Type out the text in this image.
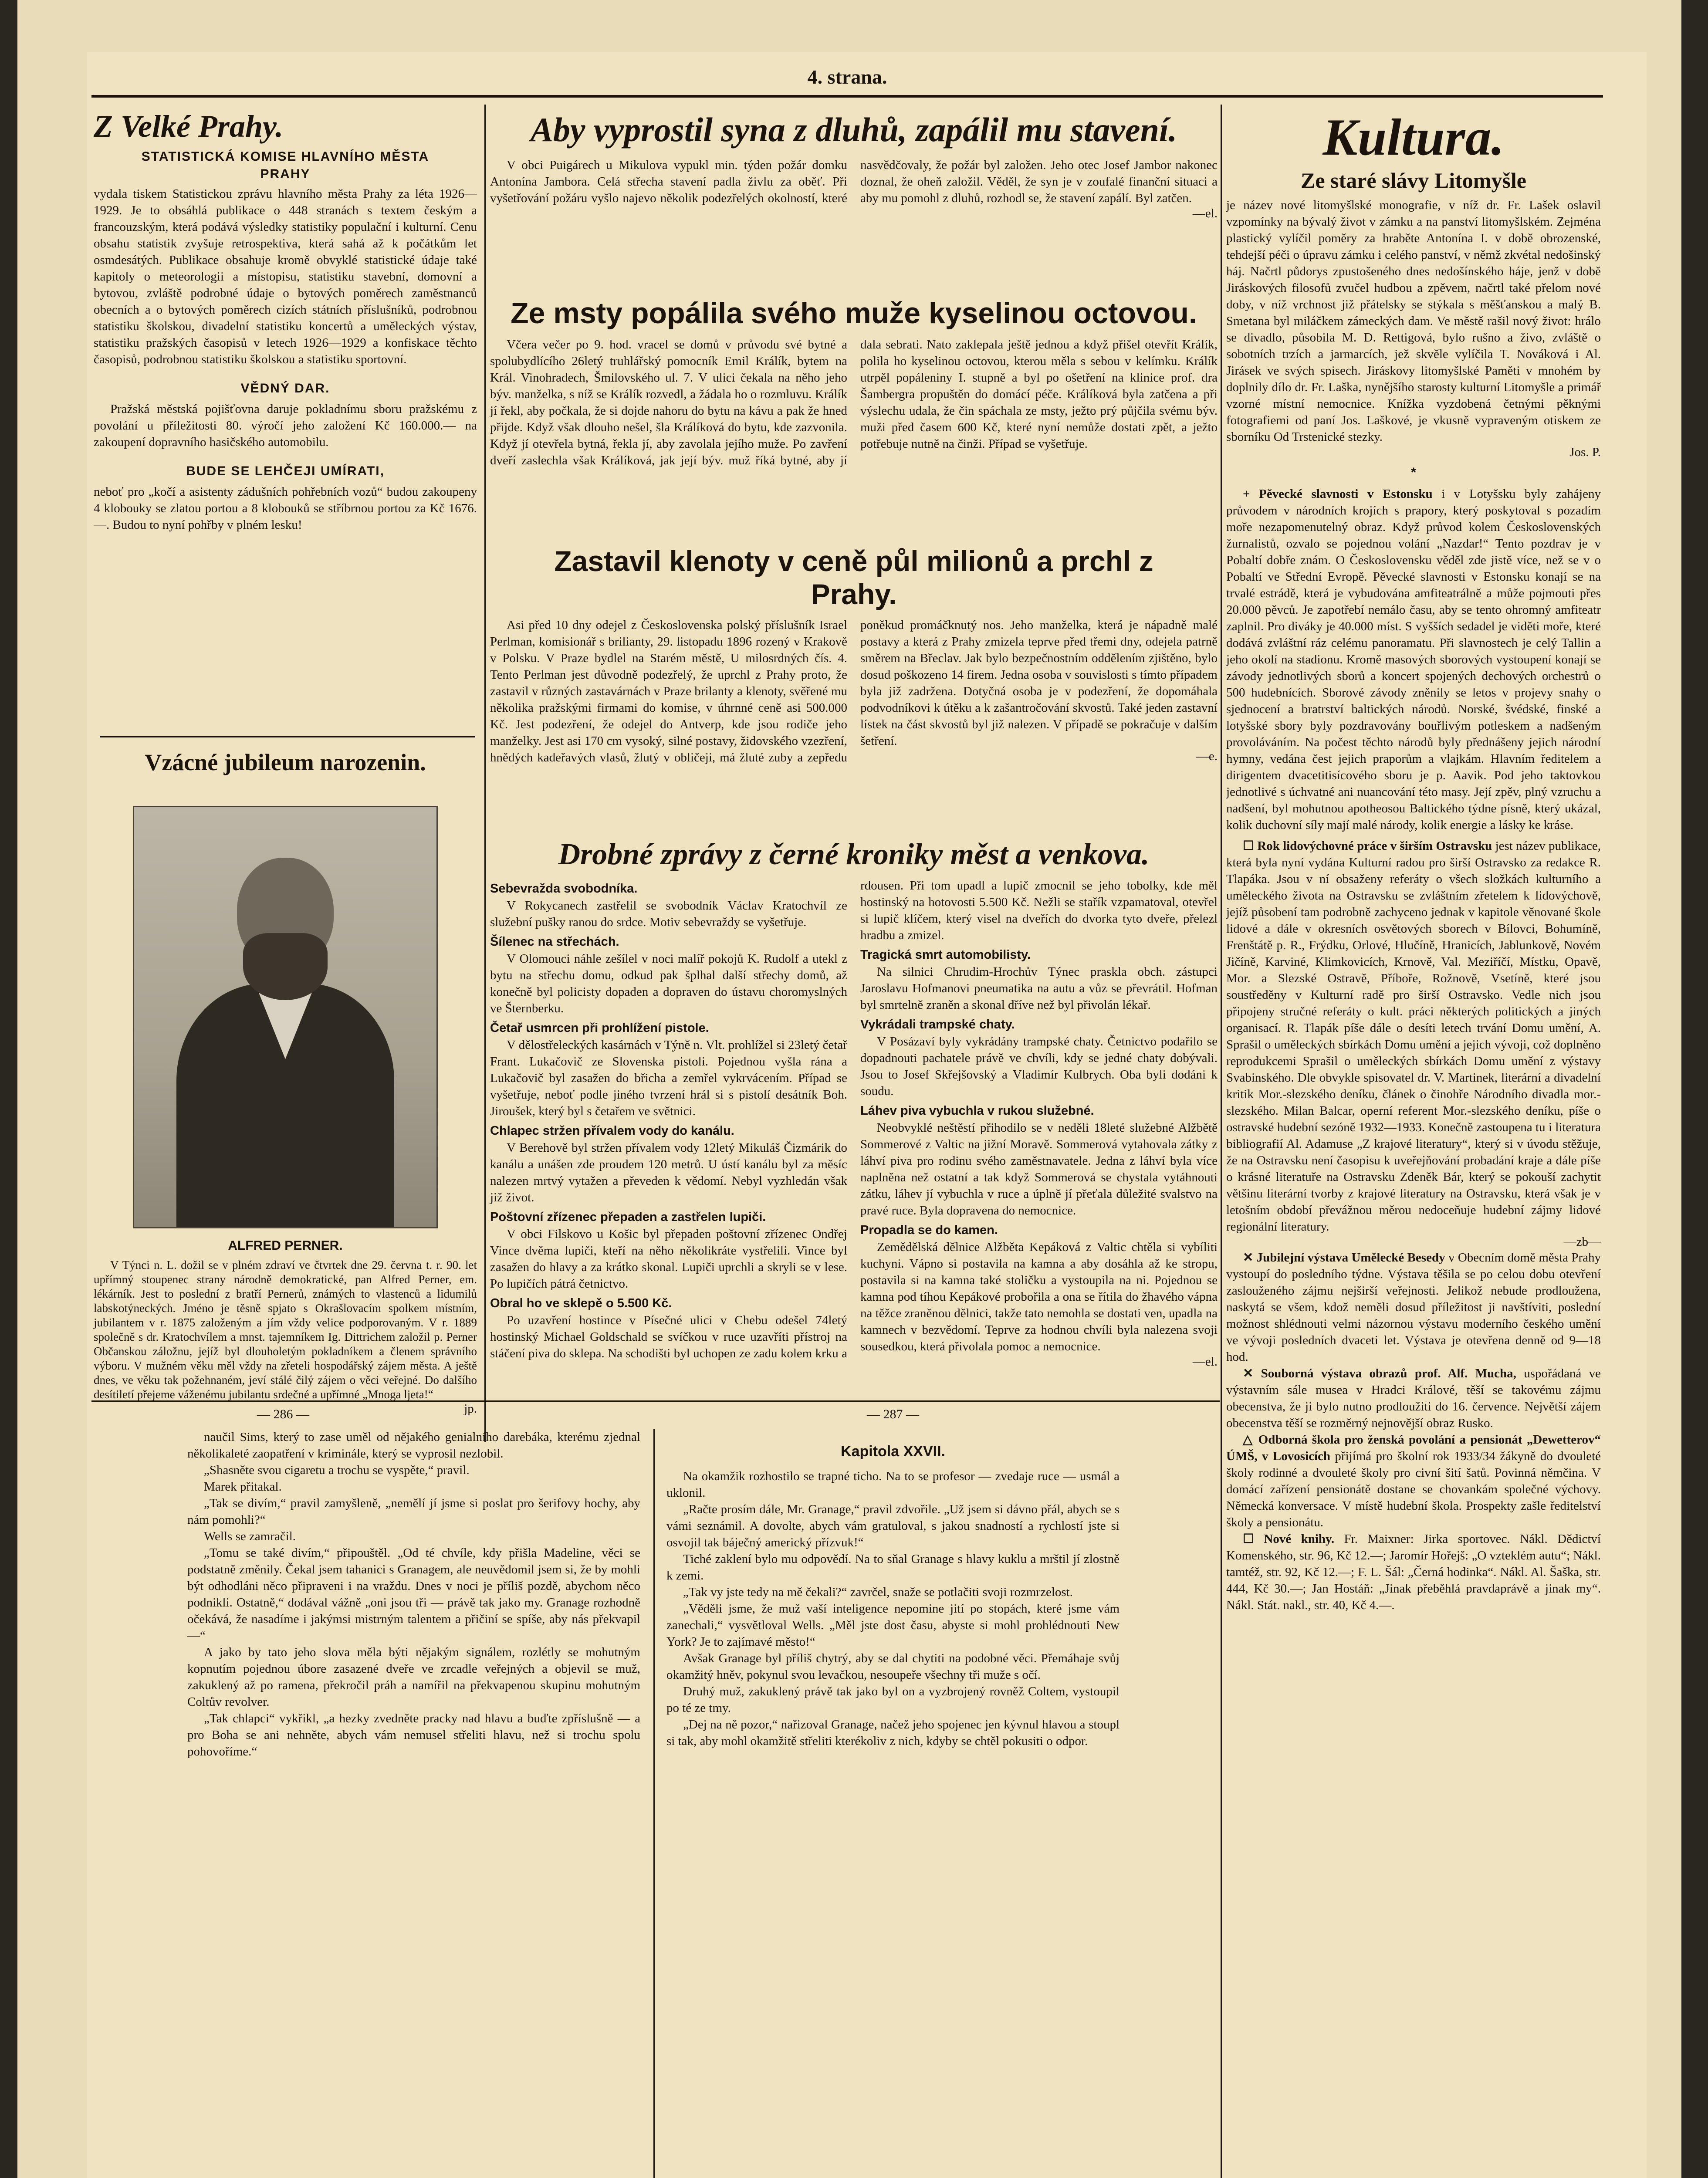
4. strana.
Z Velké Prahy.
STATISTICKÁ KOMISE HLAVNÍHO MĚSTA PRAHY

vydala tiskem Statistickou zprávu hlavního města Prahy za léta 1926—1929. Je to obsáhlá publikace o 448 stranách s textem českým a francouzským, která podává výsledky statistiky populační i kulturní. Cenu obsahu statistik zvyšuje retrospektiva, která sahá až k počátkům let osmdesátých. Publikace obsahuje kromě obvyklé statistické údaje také kapitoly o meteorologii a místopisu, statistiku stavební, domovní a bytovou, zvláště podrobné údaje o bytových poměrech zaměstnanců obecních a o bytových poměrech cizích státních příslušníků, podrobnou statistiku školskou, divadelní statistiku koncertů a uměleckých výstav, statistiku pražských časopisů v letech 1926—1929 a konfiskace těchto časopisů, podrobnou statistiku školskou a statistiku sportovní.

VĚDNÝ DAR.

Pražská městská pojišťovna daruje pokladnímu sboru pražskému z povolání u příležitosti 80. výročí jeho založení Kč 160.000.— na zakoupení dopravního hasičského automobilu.

BUDE SE LEHČEJI UMÍRATI,

neboť pro „kočí a asistenty zádušních pohřebních vozů“ budou zakoupeny 4 klobouky se zlatou portou a 8 klobouků se stříbrnou portou za Kč 1676.—. Budou to nyní pohřby v plném lesku!

Vzácné jubileum narozenin.
ALFRED PERNER.

V Týnci n. L. dožil se v plném zdraví ve čtvrtek dne 29. června t. r. 90. let upřímný stoupenec strany národně demokratické, pan Alfred Perner, em. lékárník. Jest to poslední z bratří Pernerů, známých to vlastenců a lidumilů labskotýneckých. Jméno je těsně spjato s Okrašlovacím spolkem místním, jubilantem v r. 1875 založeným a jím vždy velice podporovaným. V r. 1889 společně s dr. Kratochvílem a mnst. tajemníkem Ig. Dittrichem založil p. Perner Občanskou záložnu, jejíž byl dlouholetým pokladníkem a členem správního výboru. V mužném věku měl vždy na zřeteli hospodářský zájem města. A ještě dnes, ve věku tak požehnaném, jeví stálé čilý zájem o věci veřejné. Do dalšího desítiletí přejeme váženému jubilantu srdečné a upřímné „Mnoga ljeta!“

jp.
Aby vyprostil syna z dluhů, zapálil mu stavení.

V obci Puigárech u Mikulova vypukl min. týden požár domku Antonína Jambora. Celá střecha stavení padla živlu za oběť. Při vyšetřování požáru vyšlo najevo několik podezřelých okolností, které nasvědčovaly, že požár byl založen. Jeho otec Josef Jambor nakonec doznal, že oheň založil. Věděl, že syn je v zoufalé finanční situaci a aby mu pomohl z dluhů, rozhodl se, že stavení zapálí. Byl zatčen.

—el.
Ze msty popálila svého muže kyselinou octovou.

Včera večer po 9. hod. vracel se domů v průvodu své bytné a spolubydlícího 26letý truhlářský pomocník Emil Králík, bytem na Král. Vinohradech, Šmilovského ul. 7. V ulici čekala na něho jeho býv. manželka, s níž se Králík rozvedl, a žádala ho o rozmluvu. Králík jí řekl, aby počkala, že si dojde nahoru do bytu na kávu a pak že hned přijde. Když však dlouho nešel, šla Králíková do bytu, kde zazvonila. Když jí otevřela bytná, řekla jí, aby zavolala jejího muže. Po zavření dveří zaslechla však Králíková, jak její býv. muž říká bytné, aby jí dala sebrati. Nato zaklepala ještě jednou a když přišel otevřít Králík, polila ho kyselinou octovou, kterou měla s sebou v kelímku. Králík utrpěl popáleniny I. stupně a byl po ošetření na klinice prof. dra Šambergra propuštěn do domácí péče. Králíková byla zatčena a při výslechu udala, že čin spáchala ze msty, ježto prý půjčila svému býv. muži před časem 600 Kč, které nyní nemůže dostati zpět, a ježto potřebuje nutně na činži. Případ se vyšetřuje.

Zastavil klenoty v ceně půl milionů a prchl z Prahy.

Asi před 10 dny odejel z Československa polský příslušník Israel Perlman, komisionář s brilianty, 29. listopadu 1896 rozený v Krakově v Polsku. V Praze bydlel na Starém městě, U milosrdných čís. 4. Tento Perlman jest důvodně podezřelý, že uprchl z Prahy proto, že zastavil v různých zastavárnách v Praze brilanty a klenoty, svěřené mu několika pražskými firmami do komise, v úhrnné ceně asi 500.000 Kč. Jest podezření, že odejel do Antverp, kde jsou rodiče jeho manželky. Jest asi 170 cm vysoký, silné postavy, židovského vzezření, hnědých kadeřavých vlasů, žlutý v obličeji, má žluté zuby a zepředu poněkud promáčknutý nos. Jeho manželka, která je nápadně malé postavy a která z Prahy zmizela teprve před třemi dny, odejela patrně směrem na Břeclav. Jak bylo bezpečnostním oddělením zjištěno, bylo dosud poškozeno 14 firem. Jedna osoba v souvislosti s tímto případem byla již zadržena. Dotyčná osoba je v podezření, že dopomáhala podvodníkovi k útěku a k zašantročování skvostů. Také jeden zastavní lístek na část skvostů byl již nalezen. V případě se pokračuje v dalším šetření.

—e.
Drobné zprávy z černé kroniky měst a venkova.
Sebevražda svobodníka.

V Rokycanech zastřelil se svobodník Václav Kratochvíl ze služební pušky ranou do srdce. Motiv sebevraždy se vyšetřuje.

Šílenec na střechách.

V Olomouci náhle zešílel v noci malíř pokojů K. Rudolf a utekl z bytu na střechu domu, odkud pak šplhal další střechy domů, až konečně byl policisty dopaden a dopraven do ústavu choromyslných ve Šternberku.

Četař usmrcen při prohlížení pistole.

V dělostřeleckých kasárnách v Týně n. Vlt. prohlížel si 23letý četař Frant. Lukačovič ze Slovenska pistoli. Pojednou vyšla rána a Lukačovič byl zasažen do břicha a zemřel vykrvácením. Případ se vyšetřuje, neboť podle jiného tvrzení hrál si s pistolí desátník Boh. Jiroušek, který byl s četařem ve světnici.

Chlapec stržen přívalem vody do kanálu.

V Berehově byl stržen přívalem vody 12letý Mikuláš Čizmárik do kanálu a unášen zde proudem 120 metrů. U ústí kanálu byl za měsíc nalezen mrtvý vytažen a převeden k vědomí. Nebyl vyzhledán však již život.

Poštovní zřízenec přepaden a zastřelen lupiči.

V obci Filskovo u Košic byl přepaden poštovní zřízenec Ondřej Vince dvěma lupiči, kteří na něho několikráte vystřelili. Vince byl zasažen do hlavy a za krátko skonal. Lupiči uprchli a skryli se v lese. Po lupičích pátrá četnictvo.

Obral ho ve sklepě o 5.500 Kč.

Po uzavření hostince v Písečné ulici v Chebu odešel 74letý hostinský Michael Goldschald se svíčkou v ruce uzavříti přístroj na stáčení piva do sklepa. Na schodišti byl uchopen ze zadu kolem krku a rdousen. Při tom upadl a lupič zmocnil se jeho tobolky, kde měl hostinský na hotovosti 5.500 Kč. Nežli se stařík vzpamatoval, otevřel si lupič klíčem, který visel na dveřích do dvorka tyto dveře, přelezl hradbu a zmizel.

Tragická smrt automobilisty.

Na silnici Chrudim-Hrochův Týnec praskla obch. zástupci Jaroslavu Hofmanovi pneumatika na autu a vůz se převrátil. Hofman byl smrtelně zraněn a skonal dříve než byl přivolán lékař.

Vykrádali trampské chaty.

V Posázaví byly vykrádány trampské chaty. Četnictvo podařilo se dopadnouti pachatele právě ve chvíli, kdy se jedné chaty dobývali. Jsou to Josef Skřejšovský a Vladimír Kulbrych. Oba byli dodáni k soudu.

Láhev piva vybuchla v rukou služebné.

Neobvyklé neštěstí přihodilo se v neděli 18leté služebné Alžbětě Sommerové z Valtic na jižní Moravě. Sommerová vytahovala zátky z láhví piva pro rodinu svého zaměstnavatele. Jedna z láhví byla více naplněna než ostatní a tak když Sommerová se chystala vytáhnouti zátku, láhev jí vybuchla v ruce a úplně jí přeťala důležité svalstvo na pravé ruce. Byla dopravena do nemocnice.

Propadla se do kamen.

Zemědělská dělnice Alžběta Kepáková z Valtic chtěla si vybíliti kuchyni. Vápno si postavila na kamna a aby dosáhla až ke stropu, postavila si na kamna také stoličku a vystoupila na ni. Pojednou se kamna pod tíhou Kepákové probořila a ona se řítila do žhavého vápna na těžce zraněnou dělnici, takže tato nemohla se dostati ven, upadla na kamnech v bezvědomí. Teprve za hodnou chvíli byla nalezena svoji sousedkou, která přivolala pomoc a nemocnice.

—el.
— 286 —	— 287 —

naučil Sims, který to zase uměl od nějakého genialního darebáka, kterému zjednal několikaleté zaopatření v kriminále, který se vyprosil nezlobil.

„Shasněte svou cigaretu a trochu se vyspěte,“ pravil.

Marek přitakal.

„Tak se divím,“ pravil zamyšleně, „nemělí jí jsme si poslat pro šerifovy hochy, aby nám pomohli?“

Wells se zamračil.

„Tomu se také divím,“ připouštěl. „Od té chvíle, kdy přišla Madeline, věci se podstatně změnily. Čekal jsem tahanici s Granagem, ale neuvědomil jsem si, že by mohli být odhodláni něco připraveni i na vraždu. Dnes v noci je příliš pozdě, abychom něco podnikli. Ostatně,“ dodával vážně „oni jsou tři — právě tak jako my. Granage rozhodně očekává, že nasadíme i jakýmsi mistrným talentem a přičiní se spíše, aby nás překvapil —“

A jako by tato jeho slova měla býti nějakým signálem, rozlétly se mohutným kopnutím pojednou úbore zasazené dveře ve zrcadle veřejných a objevil se muž, zakuklený až po ramena, překročil práh a namířil na překvapenou skupinu mohutným Coltův revolver.

„Tak chlapci“ vykřikl, „a hezky zvedněte pracky nad hlavu a buďte zpříslušně — a pro Boha se ani nehněte, abych vám nemusel střeliti hlavu, než si trochu spolu pohovoříme.“

Kapitola XXVII.

Na okamžik rozhostilo se trapné ticho. Na to se profesor — zvedaje ruce — usmál a uklonil.

„Račte prosím dále, Mr. Granage,“ pravil zdvořile. „Už jsem si dávno přál, abych se s vámi seznámil. A dovolte, abych vám gratuloval, s jakou snadností a rychlostí jste si osvojil tak báječný americký přízvuk!“

Tiché zaklení bylo mu odpovědí. Na to sňal Granage s hlavy kuklu a mrštil jí zlostně k zemi.

„Tak vy jste tedy na mě čekali?“ zavrčel, snaže se potlačiti svoji rozmrzelost.

„Věděli jsme, že muž vaší inteligence nepomine jití po stopách, které jsme vám zanechali,“ vysvětloval Wells. „Měl jste dost času, abyste si mohl prohlédnouti New York? Je to zajímavé město!“

Avšak Granage byl příliš chytrý, aby se dal chytiti na podobné věci. Přemáhaje svůj okamžitý hněv, pokynul svou levačkou, nesoupeře všechny tři muže s očí.

Druhý muž, zakuklený právě tak jako byl on a vyzbrojený rovněž Coltem, vystoupil po té ze tmy.

„Dej na ně pozor,“ nařizoval Granage, načež jeho spojenec jen kývnul hlavou a stoupl si tak, aby mohl okamžitě střeliti kterékoliv z nich, kdyby se chtěl pokusiti o odpor.

Kultura.
Ze staré slávy Litomyšle

je název nové litomyšlské monografie, v níž dr. Fr. Lašek oslavil vzpomínky na bývalý život v zámku a na panství litomyšlském. Zejména plastický vylíčil poměry za hraběte Antonína I. v době obrozenské, tehdejší péči o úpravu zámku i celého panství, v němž zkvétal nedošinský háj. Načrtl půdorys zpustošeného dnes nedošínského háje, jenž v době Jiráskových filosofů zvučel hudbou a zpěvem, načrtl také přelom nové doby, v níž vrchnost již přátelsky se stýkala s měšťanskou a malý B. Smetana byl miláčkem zámeckých dam. Ve městě rašil nový život: hrálo se divadlo, působila M. D. Rettigová, bylo rušno a živo, zvláště o sobotních trzích a jarmarcích, jež skvěle vylíčila T. Nováková i Al. Jirásek ve svých spisech. Jiráskovy litomyšlské Paměti v mnohém by doplnily dílo dr. Fr. Laška, nynějšího starosty kulturní Litomyšle a primář vzorné místní nemocnice. Knížka vyzdobená četnými pěknými fotografiemi od paní Jos. Laškové, je vkusně vypraveným otiskem ze sborníku Od Trstenické stezky.

Jos. P.
*

+ Pěvecké slavnosti v Estonsku i v Lotyšsku byly zahájeny průvodem v národních krojích s prapory, který poskytoval s pozadím moře nezapomenutelný obraz. Když průvod kolem Československých žurnalistů, ozvalo se pojednou volání „Nazdar!“ Tento pozdrav je v Pobaltí dobře znám. O Československu věděl zde jistě více, než se v o Pobaltí ve Střední Evropě. Pěvecké slavnosti v Estonsku konají se na trvalé estrádě, která je vybudována amfiteatrálně a může pojmouti přes 20.000 pěvců. Je zapotřebí nemálo času, aby se tento ohromný amfiteatr zaplnil. Pro diváky je 40.000 míst. S vyšších sedadel je viděti moře, které dodává zvláštní ráz celému panoramatu. Při slavnostech je celý Tallin a jeho okolí na stadionu. Kromě masových sborových vystoupení konají se závody jednotlivých sborů a koncert spojených dechových orchestrů o 500 hudebnících. Sborové závody zněnily se letos v projevy snahy o sjednocení a bratrství baltických národů. Norské, švédské, finské a lotyšské sbory byly pozdravovány bouřlivým potleskem a nadšeným provoláváním. Na počest těchto národů byly přednášeny jejich národní hymny, vedána čest jejich praporům a vlajkám. Hlavním ředitelem a dirigentem dvacetitisícového sboru je p. Aavik. Pod jeho taktovkou jednotlivé s úchvatné ani nuancování této masy. Její zpěv, plný vzruchu a nadšení, byl mohutnou apotheosou Baltického týdne písně, který ukázal, kolik duchovní síly mají malé národy, kolik energie a lásky ke kráse.

☐ Rok lidovýchovné práce v širším Ostravsku jest název publikace, která byla nyní vydána Kulturní radou pro širší Ostravsko za redakce R. Tlapáka. Jsou v ní obsaženy referáty o všech složkách kulturního a uměleckého života na Ostravsku se zvláštním zřetelem k lidovýchově, jejíž působení tam podrobně zachyceno jednak v kapitole věnované škole lidové a dále v okresních osvětových sborech v Bílovci, Bohumíně, Frenštátě p. R., Frýdku, Orlové, Hlučíně, Hranicích, Jablunkově, Novém Jičíně, Karviné, Klimkovicích, Krnově, Val. Meziříčí, Místku, Opavě, Mor. a Slezské Ostravě, Příboře, Rožnově, Vsetíně, které jsou soustředěny v Kulturní radě pro širší Ostravsko. Vedle nich jsou připojeny stručné referáty o kult. práci některých politických a jiných organisací. R. Tlapák píše dále o desíti letech trvání Domu umění, A. Sprašil o uměleckých sbírkách Domu umění a jejich vývoji, což doplněno reprodukcemi Sprašil o uměleckých sbírkách Domu umění z výstavy Svabinského. Dle obvykle spisovatel dr. V. Martinek, literární a divadelní kritik Mor.-slezského deníku, článek o činohře Národního divadla mor.-slezského. Milan Balcar, operní referent Mor.-slezského deníku, píše o ostravské hudební sezóně 1932—1933. Konečně zastoupena tu i literatura bibliografií Al. Adamuse „Z krajové literatury“, který si v úvodu stěžuje, že na Ostravsku není časopisu k uveřejňování probadání kraje a dále píše o krásné literatuře na Ostravsku Zdeněk Bár, který se pokouší zachytit většinu literární tvorby z krajové literatury na Ostravsku, která však je v letošním období převážnou měrou nedoceňuje hudební zájmy lidové regionální literatury.

—zb—

✕ Jubilejní výstava Umělecké Besedy v Obecním domě města Prahy vystoupí do posledního týdne. Výstava těšila se po celou dobu otevření zaslouženého zájmu nejširší veřejnosti. Jelikož nebude prodloužena, naskytá se všem, kdož neměli dosud příležitost ji navštíviti, poslední možnost shlédnouti velmi názornou výstavu moderního českého umění ve vývoji posledních dvaceti let. Výstava je otevřena denně od 9—18 hod.

✕ Souborná výstava obrazů prof. Alf. Mucha, uspořádaná ve výstavním sále musea v Hradci Králové, těší se takovému zájmu obecenstva, že ji bylo nutno prodloužiti do 16. července. Největší zájem obecenstva těší se rozměrný nejnovější obraz Rusko.

△ Odborná škola pro ženská povolání a pensionát „Dewetterov“ ÚMŠ, v Lovosicích přijímá pro školní rok 1933/34 žákyně do dvouleté školy rodinné a dvouleté školy pro civní šití šatů. Povinná němčina. V domácí zařízení pensionátě dostane se chovankám společné výchovy. Německá konversace. V místě hudební škola. Prospekty zašle ředitelství školy a pensionátu.

☐ Nové knihy. Fr. Maixner: Jirka sportovec. Nákl. Dědictví Komenského, str. 96, Kč 12.—; Jaromír Hořejš: „O vzteklém autu“; Nákl. tamtéž, str. 92, Kč 12.—; F. L. Šál: „Černá hodinka“. Nákl. Al. Šaška, str. 444, Kč 30.—; Jan Hostáň: „Jinak přeběhlá pravdaprávě a jinak my“. Nákl. Stát. nakl., str. 40, Kč 4.—.
